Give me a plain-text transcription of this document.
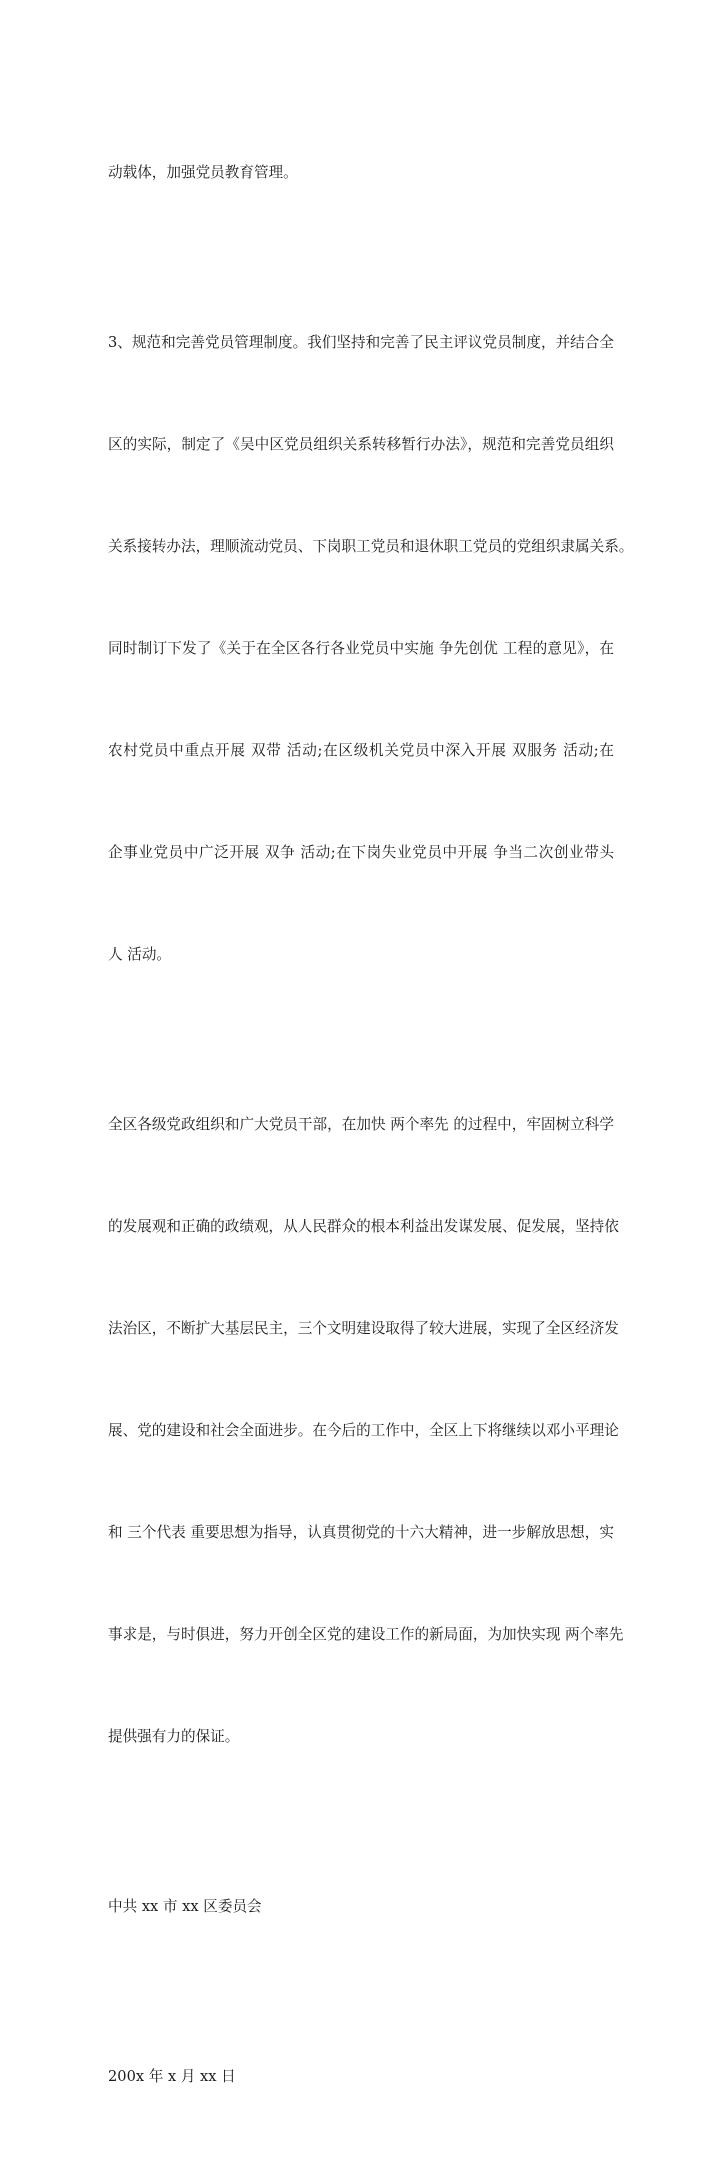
动载体，加强党员教育管理。

3、规范和完善党员管理制度。我们坚持和完善了民主评议党员制度，并结合全

区的实际，制定了《吴中区党员组织关系转移暂行办法》，规范和完善党员组织

关系接转办法，理顺流动党员、下岗职工党员和退休职工党员的党组织隶属关系。

同时制订下发了《关于在全区各行各业党员中实施 争先创优 工程的意见》，在

农村党员中重点开展 双带 活动;在区级机关党员中深入开展 双服务 活动;在

企事业党员中广泛开展 双争 活动;在下岗失业党员中开展 争当二次创业带头

人 活动。

全区各级党政组织和广大党员干部，在加快 两个率先 的过程中，牢固树立科学

的发展观和正确的政绩观，从人民群众的根本利益出发谋发展、促发展，坚持依

法治区，不断扩大基层民主，三个文明建设取得了较大进展，实现了全区经济发

展、党的建设和社会全面进步。在今后的工作中，全区上下将继续以邓小平理论

和 三个代表 重要思想为指导，认真贯彻党的十六大精神，进一步解放思想，实

事求是，与时俱进，努力开创全区党的建设工作的新局面，为加快实现 两个率先

提供强有力的保证。

中共 xx 市 xx 区委员会

200x 年 x 月 xx 日
